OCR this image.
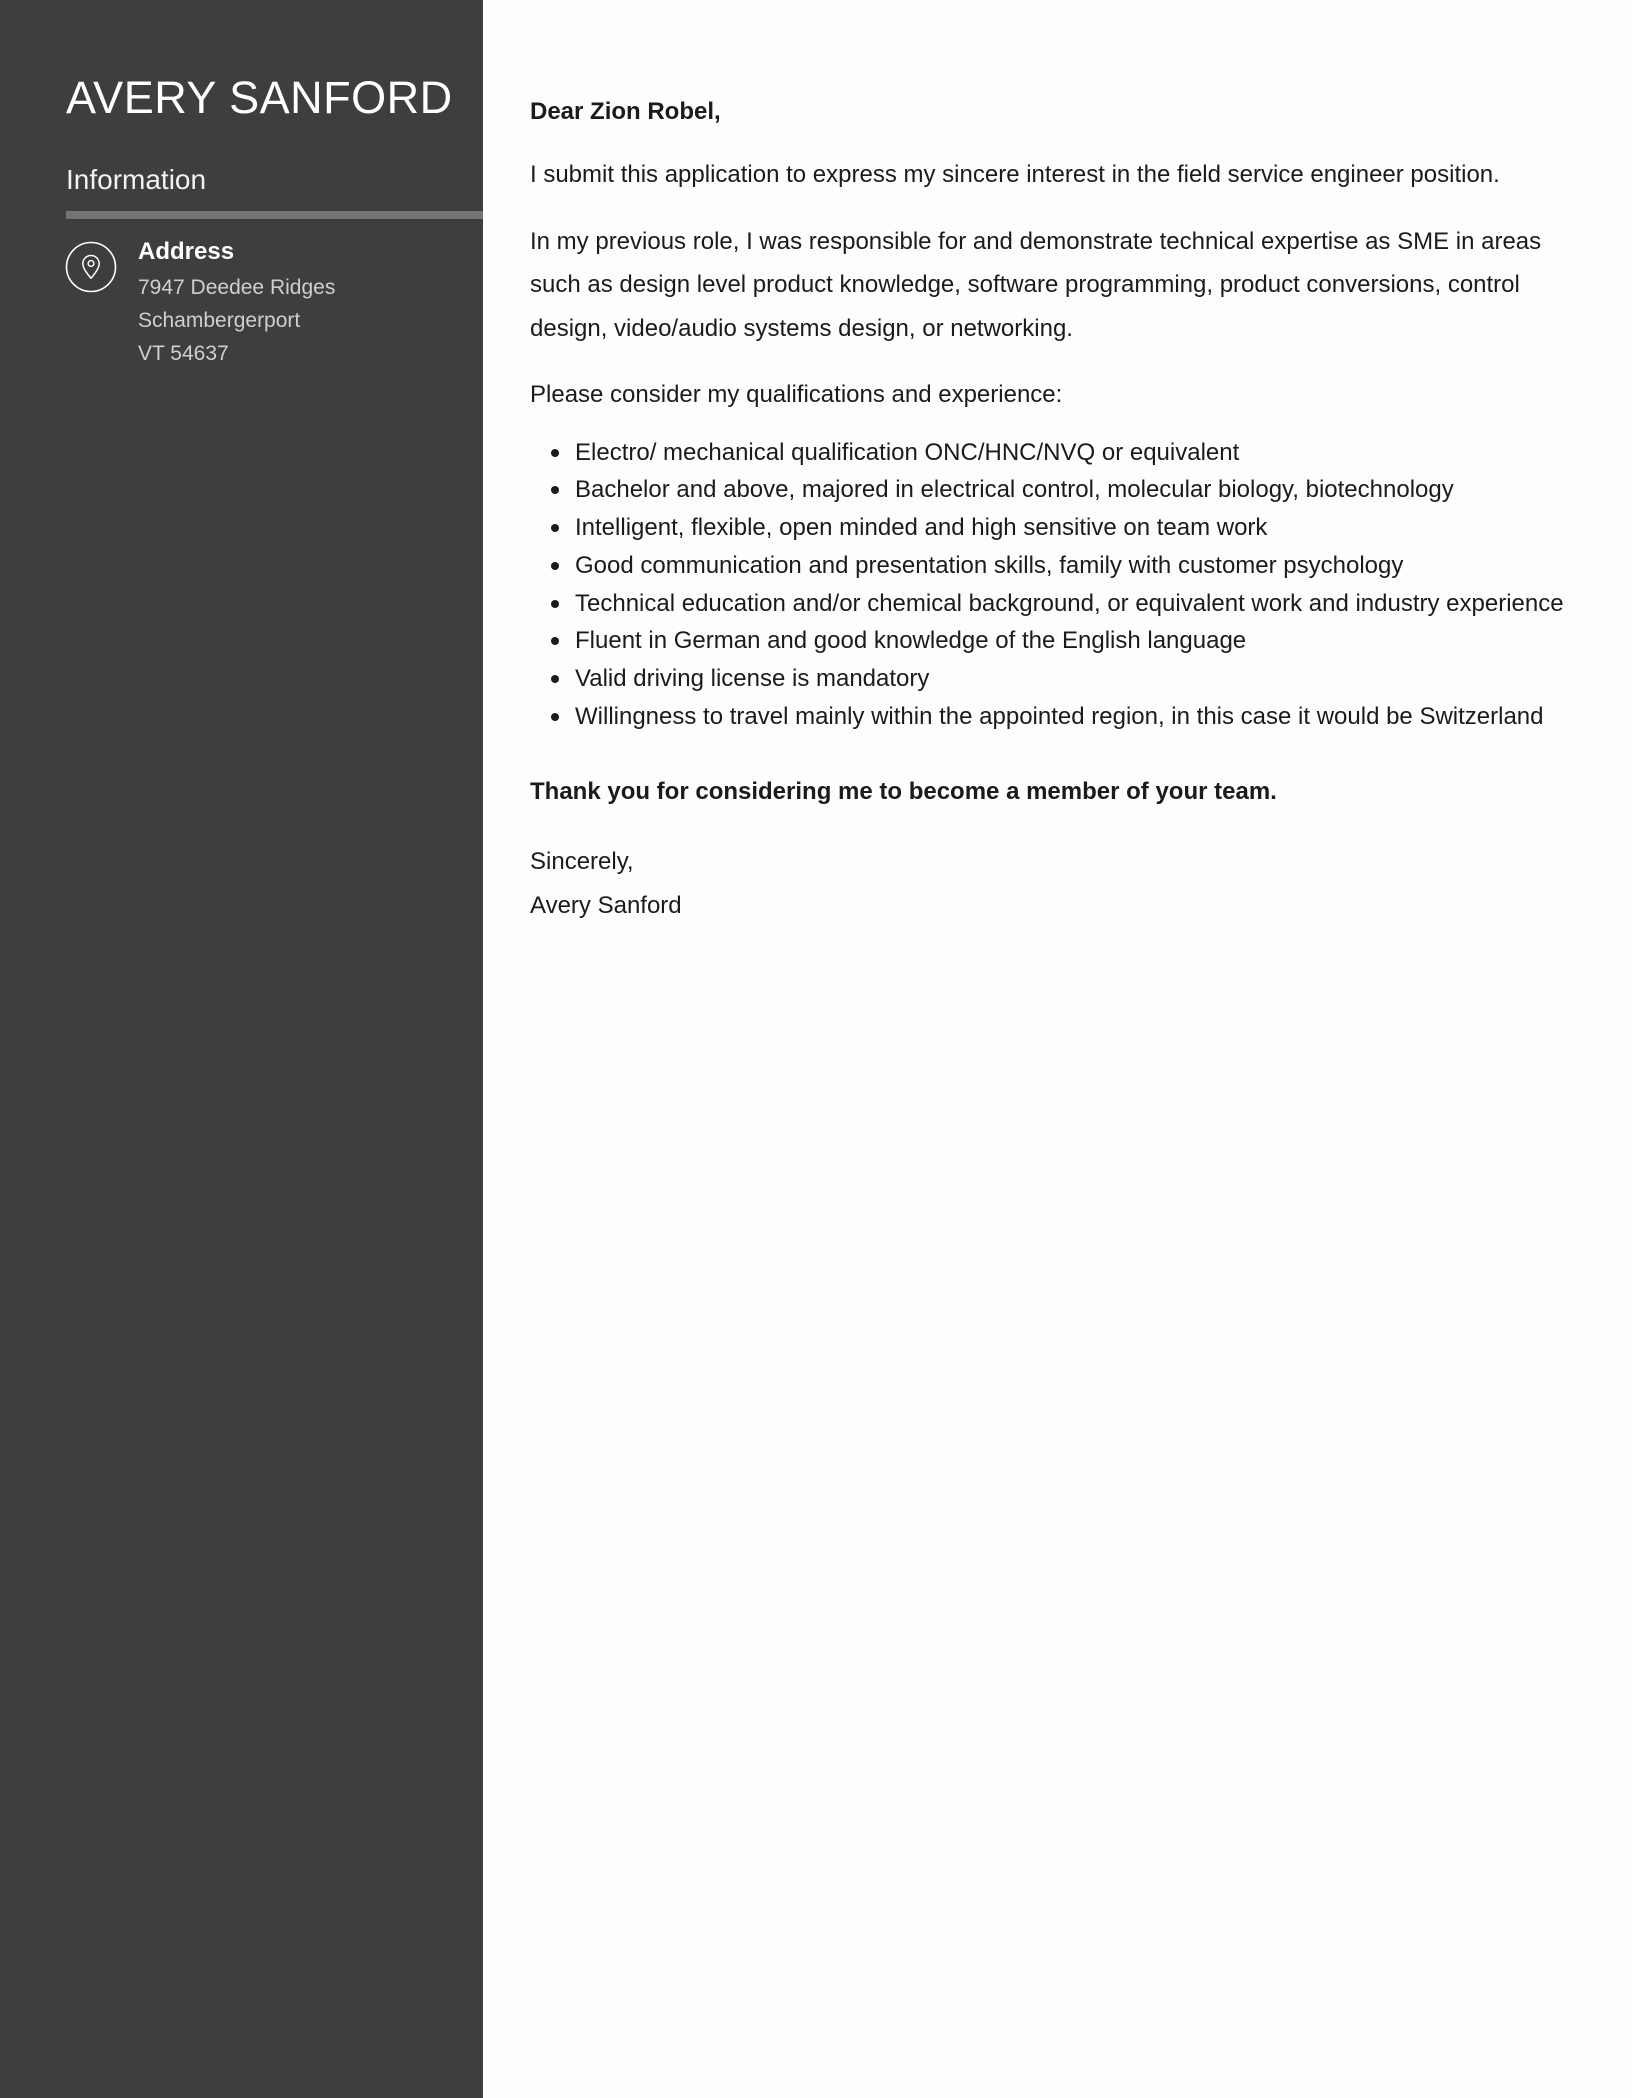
AVERY SANFORD
Information
Address
7947 Deedee Ridges
Schambergerport
VT 54637

Dear Zion Robel,

I submit this application to express my sincere interest in the field service engineer position.

In my previous role, I was responsible for and demonstrate technical expertise as SME in areas such as design level product knowledge, software programming, product conversions, control design, video/audio systems design, or networking.

Please consider my qualifications and experience:

Electro/ mechanical qualification ONC/HNC/NVQ or equivalent
Bachelor and above, majored in electrical control, molecular biology, biotechnology
Intelligent, flexible, open minded and high sensitive on team work
Good communication and presentation skills, family with customer psychology
Technical education and/or chemical background, or equivalent work and industry experience
Fluent in German and good knowledge of the English language
Valid driving license is mandatory
Willingness to travel mainly within the appointed region, in this case it would be Switzerland

Thank you for considering me to become a member of your team.

Sincerely,
Avery Sanford
